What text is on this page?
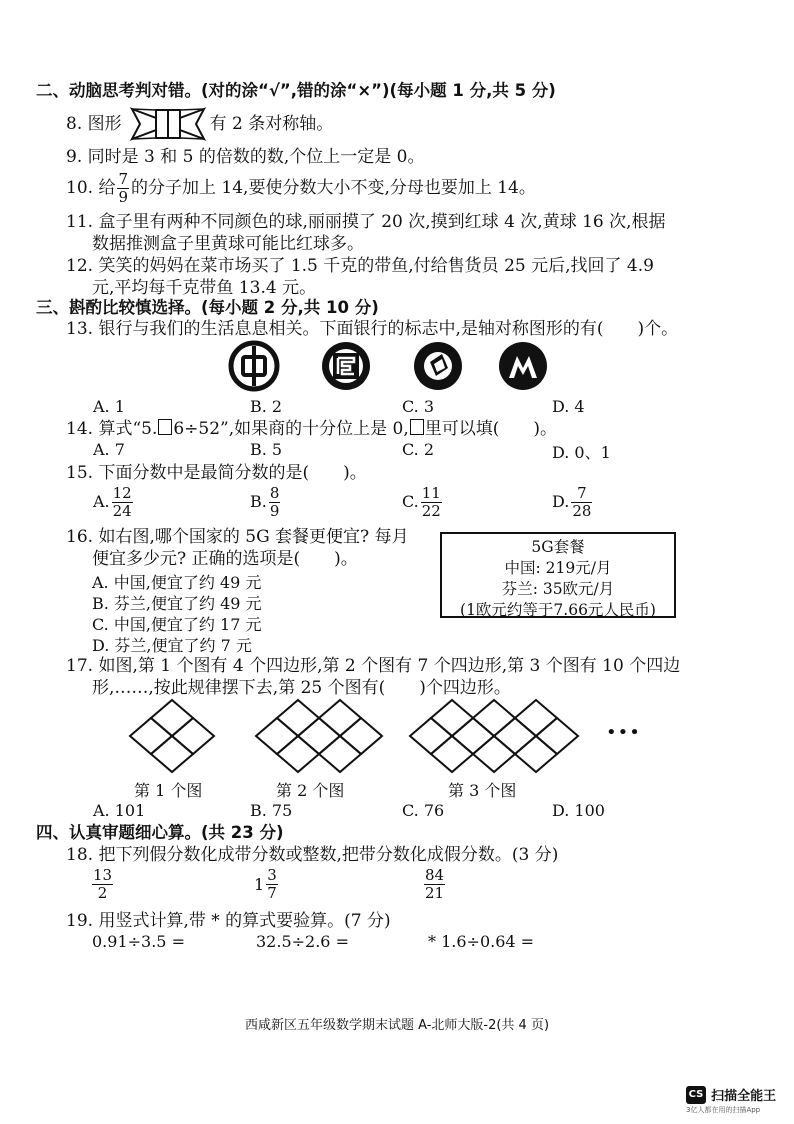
二、动脑思考判对错。(对的涂“√”,错的涂“×”)(每小题 1 分,共 5 分)
8. 图形	有 2 条对称轴。
9. 同时是 3 和 5 的倍数的数,个位上一定是 0。
10. 给 $\frac{7}{9}$ 的分子加上 14,要使分数大小不变,分母也要加上 14。
11. 盒子里有两种不同颜色的球,丽丽摸了 20 次,摸到红球 4 次,黄球 16 次,根据
数据推测盒子里黄球可能比红球多。
12. 笑笑的妈妈在菜市场买了 1.5 千克的带鱼,付给售货员 25 元后,找回了 4.9
元,平均每千克带鱼 13.4 元。
三、斟酌比较慎选择。(每小题 2 分,共 10 分)
13. 银行与我们的生活息息相关。下面银行的标志中,是轴对称图形的有(　　)个。
A. 1	B. 2	C. 3	D. 4
14. 算式“5. 6÷52”,如果商的十分位上是 0, 里可以填(　　)。
A. 7	B. 5	C. 2	D. 0、1
15. 下面分数中是最简分数的是(　　)。
A. $\frac{12}{24}$	B. $\frac{8}{9}$	C. $\frac{11}{22}$	D. $\frac{7}{28}$
16. 如右图,哪个国家的 5G 套餐更便宜? 每月
便宜多少元? 正确的选项是(　　)。
A. 中国,便宜了约 49 元
B. 芬兰,便宜了约 49 元
C. 中国,便宜了约 17 元
D. 芬兰,便宜了约 7 元
5G套餐
中国: 219元/月
芬兰: 35欧元/月
(1欧元约等于7.66元人民币)
17. 如图,第 1 个图有 4 个四边形,第 2 个图有 7 个四边形,第 3 个图有 10 个四边
形,……,按此规律摆下去,第 25 个图有(　　)个四边形。
•••
第 1 个图	第 2 个图	第 3 个图
A. 101	B. 75	C. 76	D. 100
四、认真审题细心算。(共 23 分)
18. 把下列假分数化成带分数或整数,把带分数化成假分数。(3 分)
$\frac{13}{2}$	$1 \frac{3}{7}$	$\frac{84}{21}$
19. 用竖式计算,带 * 的算式要验算。(7 分)
0.91÷3.5 =	32.5÷2.6 =	* 1.6÷0.64 =
西咸新区五年级数学期末试题 A-北师大版-2(共 4 页)
CS 扫描全能王
3亿人都在用的扫描App
